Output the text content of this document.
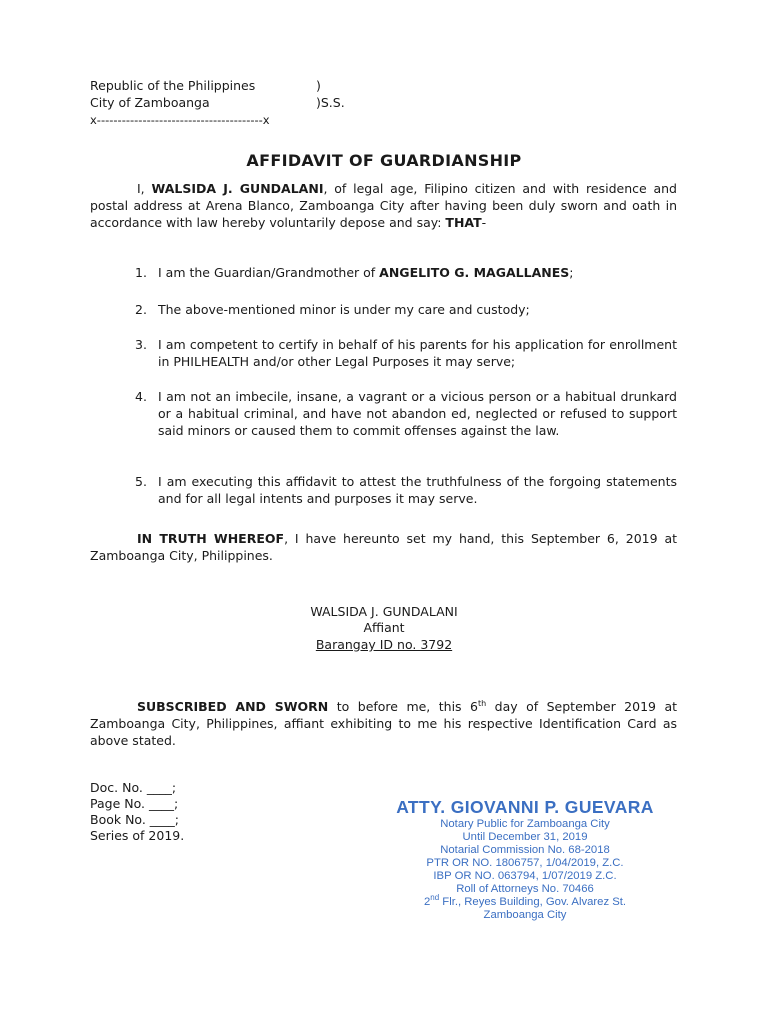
Republic of the Philippines	)
City of Zamboanga	)S.S.
x----------------------------------------x
AFFIDAVIT OF GUARDIANSHIP
I, WALSIDA J. GUNDALANI, of legal age, Filipino citizen and with residence and postal address at Arena Blanco, Zamboanga City after having been duly sworn and oath in accordance with law hereby voluntarily depose and say: THAT-
1. I am the Guardian/Grandmother of ANGELITO G. MAGALLANES;
2. The above-mentioned minor is under my care and custody;
3. I am competent to certify in behalf of his parents for his application for enrollment in PHILHEALTH and/or other Legal Purposes it may serve;
4. I am not an imbecile, insane, a vagrant or a vicious person or a habitual drunkard or a habitual criminal, and have not abandon ed, neglected or refused to support said minors or caused them to commit offenses against the law.
5. I am executing this affidavit to attest the truthfulness of the forgoing statements and for all legal intents and purposes it may serve.
IN TRUTH WHEREOF, I have hereunto set my hand, this September 6, 2019 at Zamboanga City, Philippines.
WALSIDA J. GUNDALANI
Affiant
Barangay ID no. 3792
SUBSCRIBED AND SWORN to before me, this 6th day of September 2019 at Zamboanga City, Philippines, affiant exhibiting to me his respective Identification Card as above stated.
Doc. No. ____;
Page No. ____;
Book No. ____;
Series of 2019.
ATTY. GIOVANNI P. GUEVARA
Notary Public for Zamboanga City
Until December 31, 2019
Notarial Commission No. 68-2018
PTR OR NO. 1806757, 1/04/2019, Z.C.
IBP OR NO. 063794, 1/07/2019 Z.C.
Roll of Attorneys No. 70466
2nd Flr., Reyes Building, Gov. Alvarez St.
Zamboanga City
